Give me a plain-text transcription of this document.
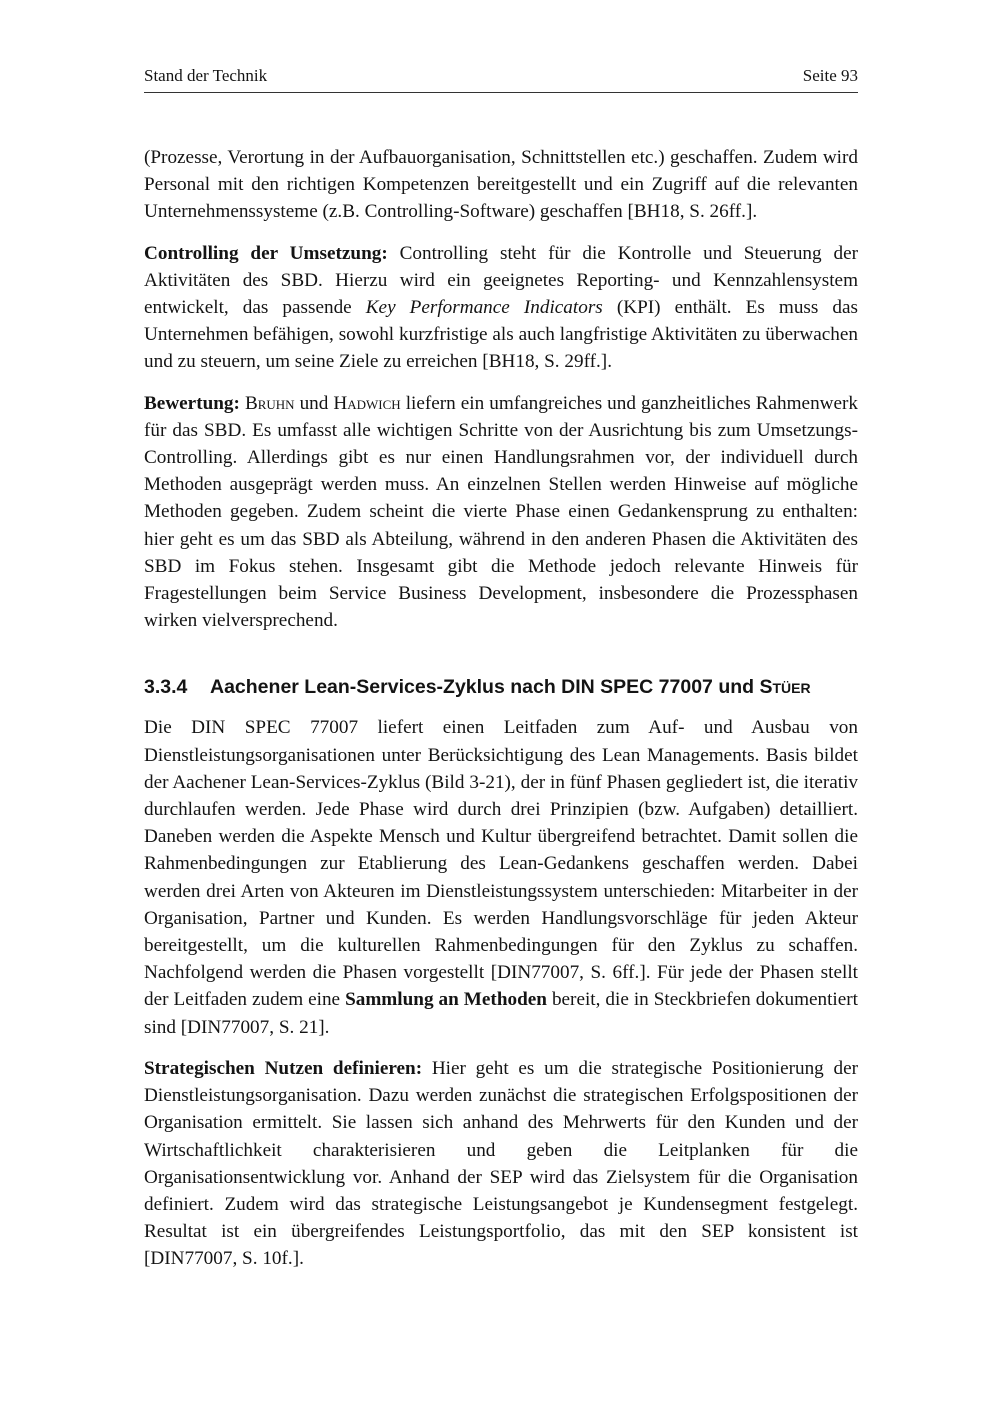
Stand der Technik	Seite 93

(Prozesse, Verortung in der Aufbauorganisation, Schnittstellen etc.) geschaffen. Zudem wird Personal mit den richtigen Kompetenzen bereitgestellt und ein Zugriff auf die relevanten Unternehmenssysteme (z.B. Controlling-Software) geschaffen [BH18, S. 26ff.].

Controlling der Umsetzung: Controlling steht für die Kontrolle und Steuerung der Aktivitäten des SBD. Hierzu wird ein geeignetes Reporting- und Kennzahlensystem entwickelt, das passende Key Performance Indicators (KPI) enthält. Es muss das Unternehmen befähigen, sowohl kurzfristige als auch langfristige Aktivitäten zu überwachen und zu steuern, um seine Ziele zu erreichen [BH18, S. 29ff.].

Bewertung: Bruhn und Hadwich liefern ein umfangreiches und ganzheitliches Rahmenwerk für das SBD. Es umfasst alle wichtigen Schritte von der Ausrichtung bis zum Umsetzungs-Controlling. Allerdings gibt es nur einen Handlungsrahmen vor, der individuell durch Methoden ausgeprägt werden muss. An einzelnen Stellen werden Hinweise auf mögliche Methoden gegeben. Zudem scheint die vierte Phase einen Gedankensprung zu enthalten: hier geht es um das SBD als Abteilung, während in den anderen Phasen die Aktivitäten des SBD im Fokus stehen. Insgesamt gibt die Methode jedoch relevante Hinweis für Fragestellungen beim Service Business Development, insbesondere die Prozessphasen wirken vielversprechend.

3.3.4	Aachener Lean-Services-Zyklus nach DIN SPEC 77007 und Stüer

Die DIN SPEC 77007 liefert einen Leitfaden zum Auf- und Ausbau von Dienstleistungsorganisationen unter Berücksichtigung des Lean Managements. Basis bildet der Aachener Lean-Services-Zyklus (Bild 3-21), der in fünf Phasen gegliedert ist, die iterativ durchlaufen werden. Jede Phase wird durch drei Prinzipien (bzw. Aufgaben) detailliert. Daneben werden die Aspekte Mensch und Kultur übergreifend betrachtet. Damit sollen die Rahmenbedingungen zur Etablierung des Lean-Gedankens geschaffen werden. Dabei werden drei Arten von Akteuren im Dienstleistungssystem unterschieden: Mitarbeiter in der Organisation, Partner und Kunden. Es werden Handlungsvorschläge für jeden Akteur bereitgestellt, um die kulturellen Rahmenbedingungen für den Zyklus zu schaffen. Nachfolgend werden die Phasen vorgestellt [DIN77007, S. 6ff.]. Für jede der Phasen stellt der Leitfaden zudem eine Sammlung an Methoden bereit, die in Steckbriefen dokumentiert sind [DIN77007, S. 21].

Strategischen Nutzen definieren: Hier geht es um die strategische Positionierung der Dienstleistungsorganisation. Dazu werden zunächst die strategischen Erfolgspositionen der Organisation ermittelt. Sie lassen sich anhand des Mehrwerts für den Kunden und der Wirtschaftlichkeit charakterisieren und geben die Leitplanken für die Organisationsentwicklung vor. Anhand der SEP wird das Zielsystem für die Organisation definiert. Zudem wird das strategische Leistungsangebot je Kundensegment festgelegt. Resultat ist ein übergreifendes Leistungsportfolio, das mit den SEP konsistent ist [DIN77007, S. 10f.].
